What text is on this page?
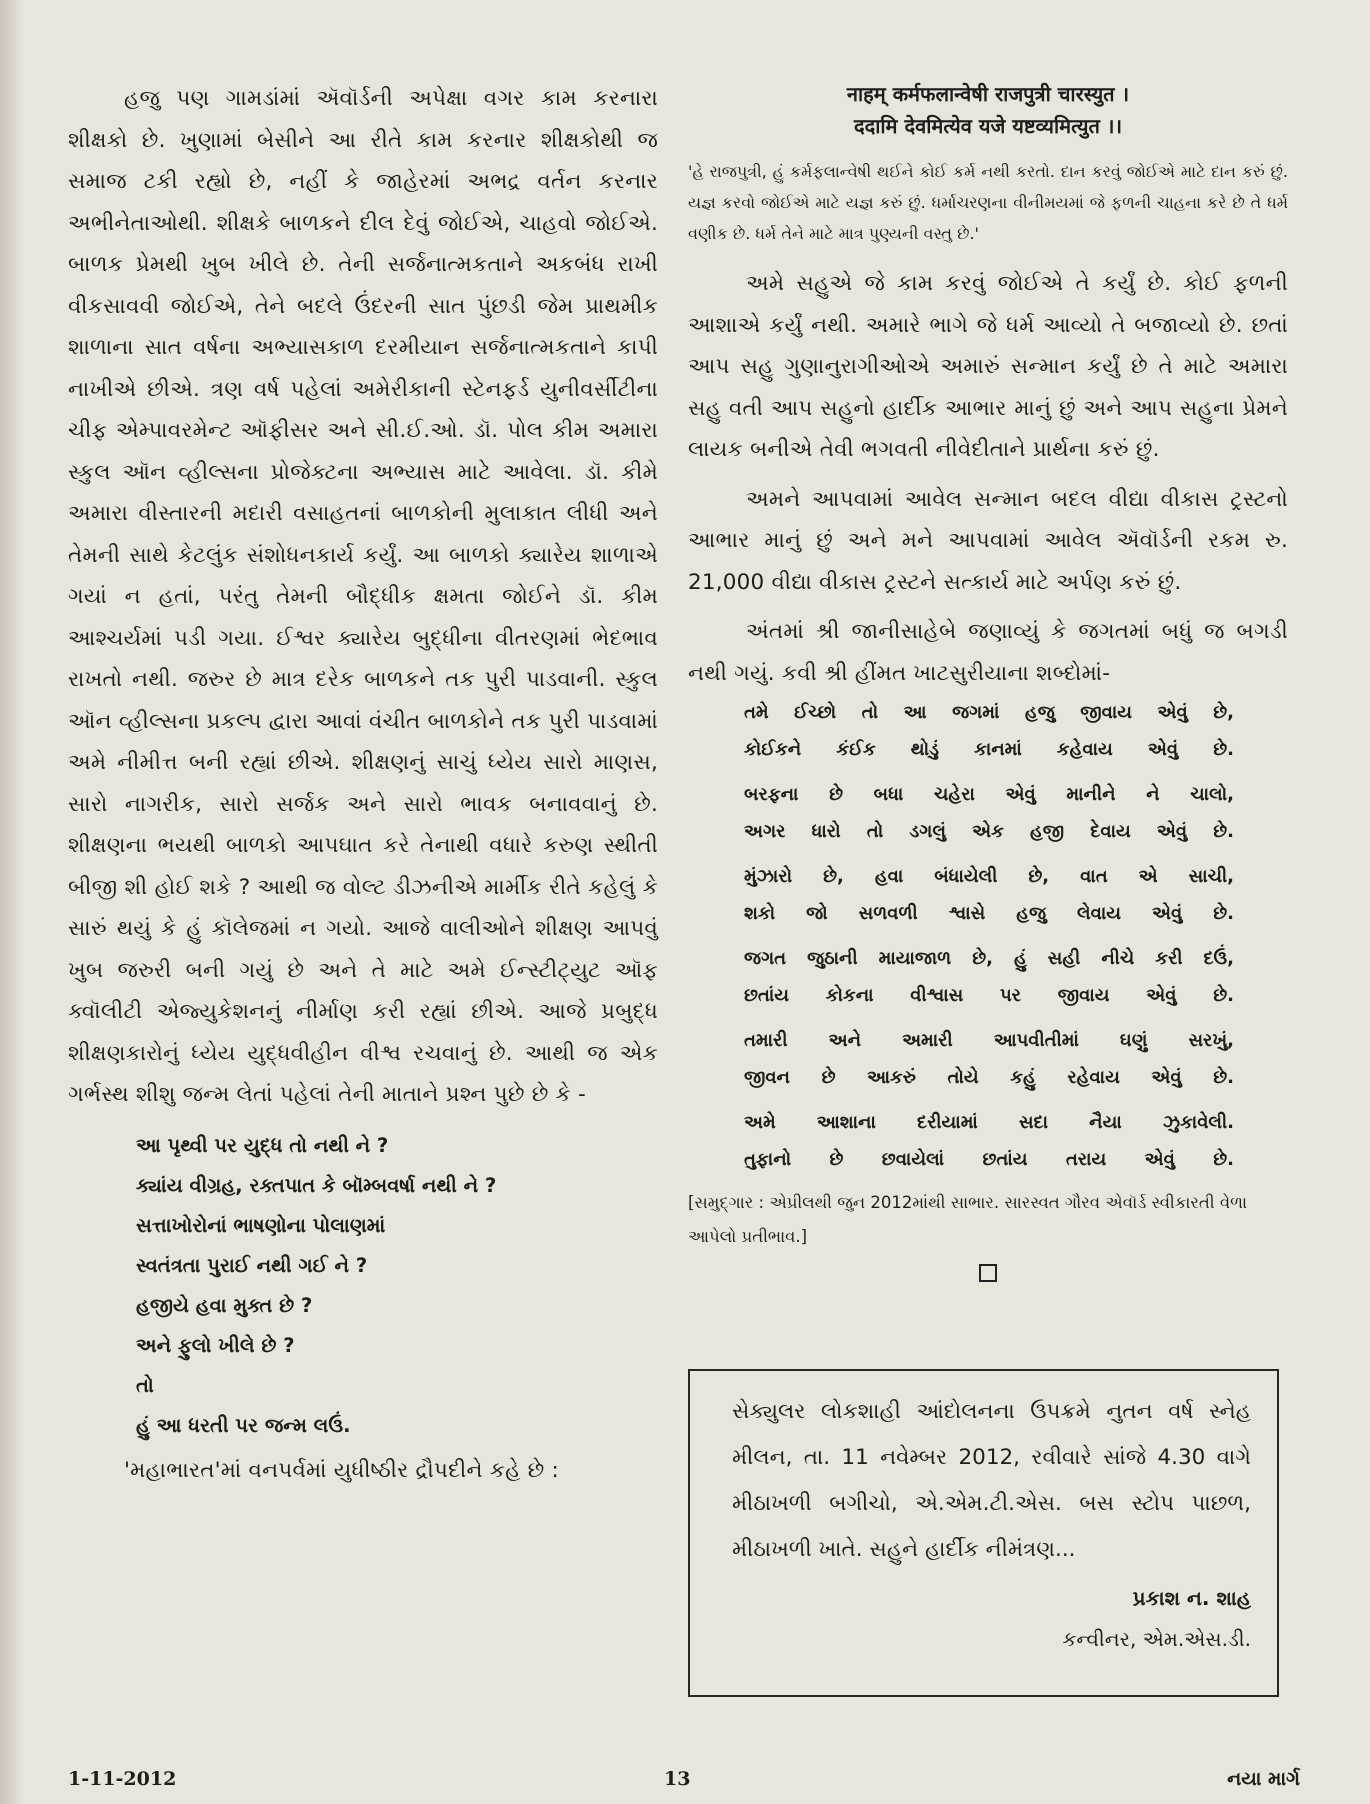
હજુ પણ ગામડાંમાં ઍવૉર્ડની અપેક્ષા વગર કામ કરનારા શીક્ષકો છે. ખુણામાં બેસીને આ રીતે કામ કરનાર શીક્ષકોથી જ સમાજ ટકી રહ્યો છે, નહીં કે જાહેરમાં અભદ્ર વર્તન કરનાર અભીનેતાઓથી. શીક્ષકે બાળકને દીલ દેવું જોઈએ, ચાહવો જોઈએ. બાળક પ્રેમથી ખુબ ખીલે છે. તેની સર્જનાત્મકતાને અકબંધ રાખી વીકસાવવી જોઈએ, તેને બદલે ઉંદરની સાત પુંછડી જેમ પ્રાથમીક શાળાના સાત વર્ષના અભ્યાસકાળ દરમીયાન સર્જનાત્મકતાને કાપી નાખીએ છીએ. ત્રણ વર્ષ પહેલાં અમેરીકાની સ્ટેનફર્ડ યુનીવર્સીટીના ચીફ એમ્પાવરમેન્ટ ઑફીસર અને સી.ઈ.ઓ. ડૉ. પોલ કીમ અમારા સ્કુલ ઑન વ્હીલ્સના પ્રોજેક્ટના અભ્યાસ માટે આવેલા. ડૉ. કીમે અમારા વીસ્તારની મદારી વસાહતનાં બાળકોની મુલાકાત લીધી અને તેમની સાથે કેટલુંક સંશોધનકાર્ય કર્યું. આ બાળકો ક્યારેય શાળાએ ગયાં ન હતાં, પરંતુ તેમની બૌદ્ધીક ક્ષમતા જોઈને ડૉ. કીમ આશ્ચર્યમાં પડી ગયા. ઈશ્વર ક્યારેય બુદ્ધીના વીતરણમાં ભેદભાવ રાખતો નથી. જરુર છે માત્ર દરેક બાળકને તક પુરી પાડવાની. સ્કુલ ઑન વ્હીલ્સના પ્રકલ્પ દ્વારા આવાં વંચીત બાળકોને તક પુરી પાડવામાં અમે નીમીત્ત બની રહ્યાં છીએ. શીક્ષણનું સાચું ધ્યેય સારો માણસ, સારો નાગરીક, સારો સર્જક અને સારો ભાવક બનાવવાનું છે. શીક્ષણના ભયથી બાળકો આપઘાત કરે તેનાથી વધારે કરુણ સ્થીતી બીજી શી હોઈ શકે ? આથી જ વોલ્ટ ડીઝનીએ માર્મીક રીતે કહેલું કે સારું થયું કે હું કૉલેજમાં ન ગયો. આજે વાલીઓને શીક્ષણ આપવું ખુબ જરુરી બની ગયું છે અને તે માટે અમે ઈન્સ્ટીટ્યુટ ઑફ ક્વૉલીટી એજ્યુકેશનનું નીર્માણ કરી રહ્યાં છીએ. આજે પ્રબુદ્ધ શીક્ષણકારોનું ધ્યેય યુદ્ધવીહીન વીશ્વ રચવાનું છે. આથી જ એક ગર્ભસ્થ શીશુ જન્મ લેતાં પહેલાં તેની માતાને પ્રશ્ન પુછે છે કે -

આ પૃથ્વી પર યુદ્ધ તો નથી ને ?
ક્યાંય વીગ્રહ, રક્તપાત કે બૉમ્બવર્ષા નથી ને ?
સત્તાખોરોનાં ભાષણોના પોલાણમાં
સ્વતંત્રતા પુરાઈ નથી ગઈ ને ?
હજીયે હવા મુક્ત છે ?
અને ફુલો ખીલે છે ?
તો
હું આ ધરતી પર જન્મ લઉં.

'મહાભારત'માં વનપર્વમાં યુધીષ્ઠીર દ્રૌપદીને કહે છે :

नाहम् कर्मफलान्वेषी राजपुत्री चारस्युत ।

ददामि देवमित्येव यजे यष्टव्यमित्युत ।।

'હે રાજપુત્રી, હું કર્મફલાન્વેષી થઈને કોઈ કર્મ નથી કરતો. દાન કરવું જોઈએ માટે દાન કરું છું. યજ્ઞ કરવો જોઈએ માટે યજ્ઞ કરું છું. ધર્માચરણના વીનીમયમાં જે ફળની ચાહના કરે છે તે ધર્મ વણીક છે. ધર્મ તેને માટે માત્ર પુણ્યની વસ્તુ છે.'

અમે સહુએ જે કામ કરવું જોઈએ તે કર્યું છે. કોઈ ફળની આશાએ કર્યું નથી. અમારે ભાગે જે ધર્મ આવ્યો તે બજાવ્યો છે. છતાં આપ સહુ ગુણાનુરાગીઓએ અમારું સન્માન કર્યું છે તે માટે અમારા સહુ વતી આપ સહુનો હાર્દીક આભાર માનું છું અને આપ સહુના પ્રેમને લાયક બનીએ તેવી ભગવતી નીવેદીતાને પ્રાર્થના કરું છું.

અમને આપવામાં આવેલ સન્માન બદલ વીદ્યા વીકાસ ટ્રસ્ટનો આભાર માનું છું અને મને આપવામાં આવેલ ઍવૉર્ડની રકમ રુ. 21,000 વીદ્યા વીકાસ ટ્રસ્ટને સત્કાર્ય માટે અર્પણ કરું છું.

અંતમાં શ્રી જાનીસાહેબે જણાવ્યું કે જગતમાં બધું જ બગડી નથી ગયું. કવી શ્રી હીંમત ખાટસુરીયાના શબ્દોમાં-

તમે ઈચ્છો તો આ જગમાં હજુ જીવાય એવું છે,
કોઈકને કંઈક થોડું કાનમાં કહેવાય એવું છે.
બરફના છે બધા ચહેરા એવું માનીને ને ચાલો,
અગર ધારો તો ડગલું એક હજી દેવાય એવું છે.
મુંઝારો છે, હવા બંધાયેલી છે, વાત એ સાચી,
શકો જો સળવળી શ્વાસે હજુ લેવાય એવું છે.
જગત જુઠાની માયાજાળ છે, હું સહી નીચે કરી દઉં,
છતાંય કોકના વીશ્વાસ પર જીવાય એવું છે.
તમારી અને અમારી આપવીતીમાં ઘણું સરખું,
જીવન છે આકરું તોયે કહું રહેવાય એવું છે.
અમે આશાના દરીયામાં સદા નૈયા ઝુકાવેલી.
તુફાનો છે છવાયેલાં છતાંય તરાય એવું છે.

[સમુદ્ગાર : એપ્રીલથી જુન 2012માંથી સાભાર. સારસ્વત ગૌરવ એવૉર્ડ સ્વીકારતી વેળા આપેલો પ્રતીભાવ.]

સેક્યુલર લોકશાહી આંદોલનના ઉપક્રમે નુતન વર્ષ સ્નેહ મીલન, તા. 11 નવેમ્બર 2012, રવીવારે સાંજે 4.30 વાગે મીઠાખળી બગીચો, એ.એમ.ટી.એસ. બસ સ્ટોપ પાછળ, મીઠાખળી ખાતે. સહુને હાર્દીક નીમંત્રણ...

પ્રકાશ ન. શાહ

કન્વીનર, એમ.એસ.ડી.

1-11-2012	13	નયા માર્ગ
